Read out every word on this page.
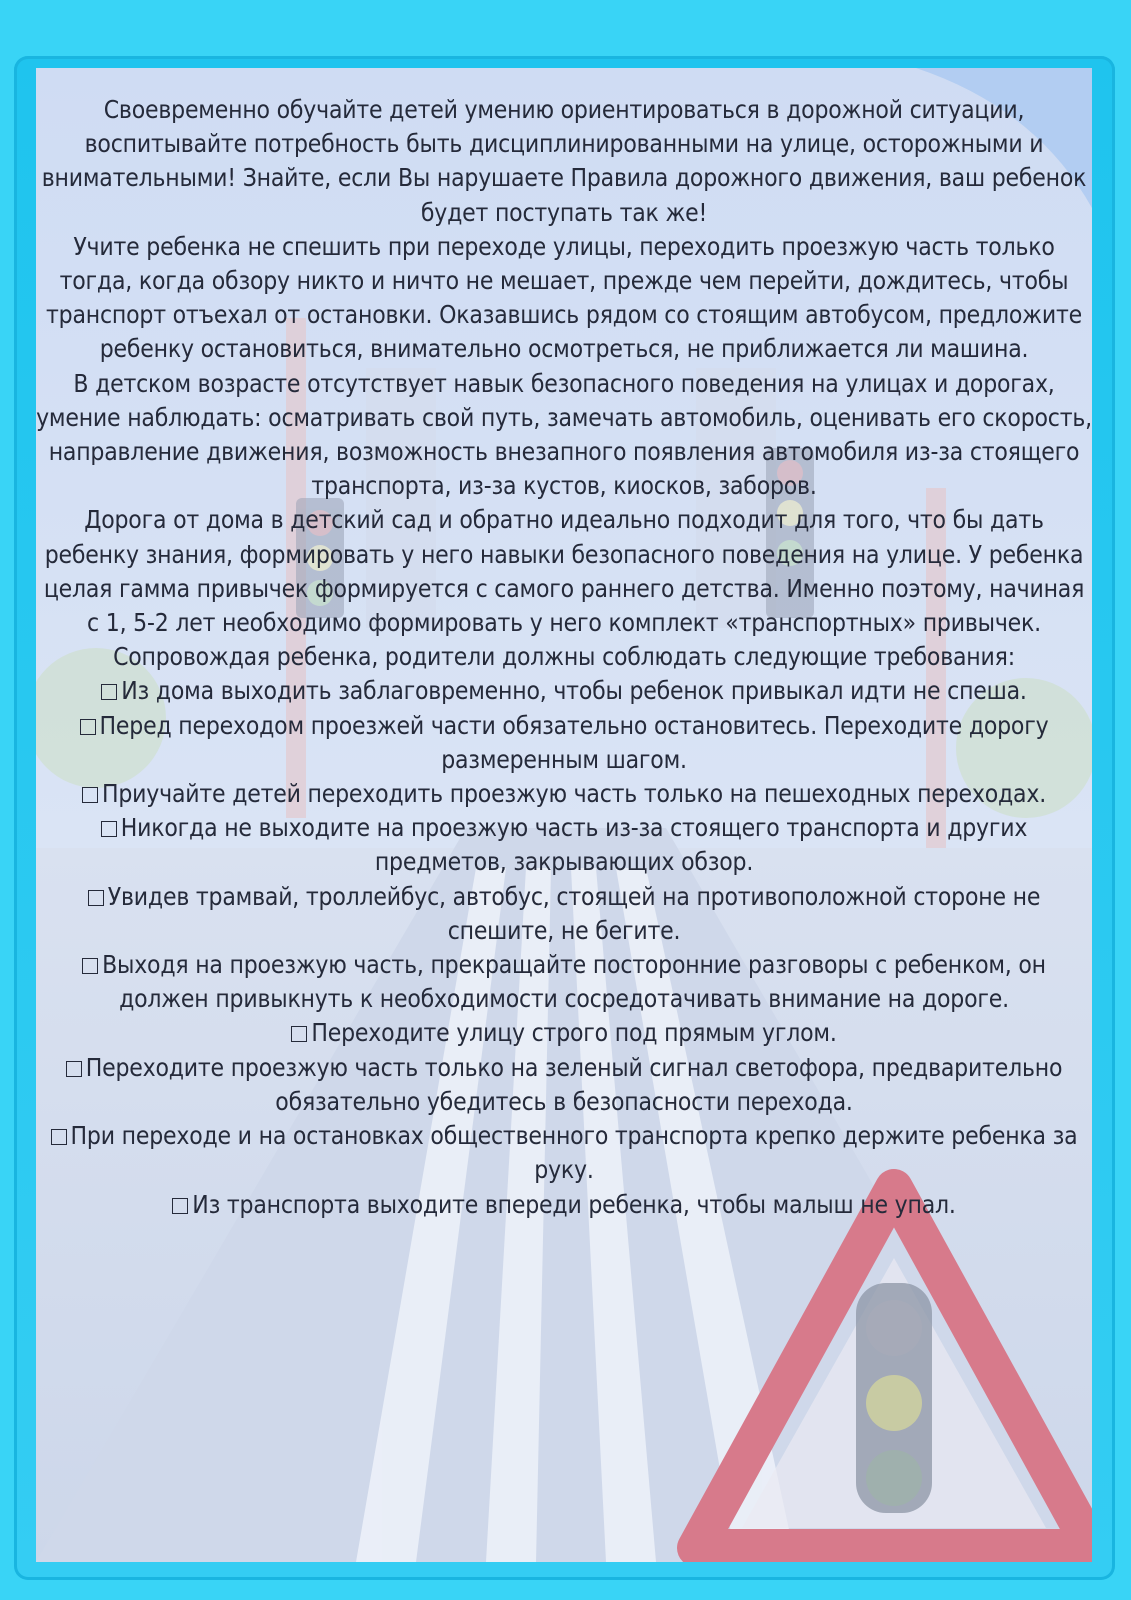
Своевременно обучайте детей умению ориентироваться в дорожной ситуации, воспитывайте потребность быть дисциплинированными на улице, осторожными и внимательными! Знайте, если Вы нарушаете Правила дорожного движения, ваш ребенок будет поступать так же!

Учите ребенка не спешить при переходе улицы, переходить проезжую часть только тогда, когда обзору никто и ничто не мешает, прежде чем перейти, дождитесь, чтобы транспорт отъехал от остановки. Оказавшись рядом со стоящим автобусом, предложите ребенку остановиться, внимательно осмотреться, не приближается ли машина.

В детском возрасте отсутствует навык безопасного поведения на улицах и дорогах, умение наблюдать: осматривать свой путь, замечать автомобиль, оценивать его скорость, направление движения, возможность внезапного появления автомобиля из-за стоящего транспорта, из-за кустов, киосков, заборов.

Дорога от дома в детский сад и обратно идеально подходит для того, что бы дать ребенку знания, формировать у него навыки безопасного поведения на улице. У ребенка целая гамма привычек формируется с самого раннего детства. Именно поэтому, начиная с 1, 5-2 лет необходимо формировать у него комплект «транспортных» привычек.

Сопровождая ребенка, родители должны соблюдать следующие требования:

Из дома выходить заблаговременно, чтобы ребенок привыкал идти не спеша.

Перед переходом проезжей части обязательно остановитесь. Переходите дорогу размеренным шагом.

Приучайте детей переходить проезжую часть только на пешеходных переходах.

Никогда не выходите на проезжую часть из-за стоящего транспорта и других предметов, закрывающих обзор.

Увидев трамвай, троллейбус, автобус, стоящей на противоположной стороне не спешите, не бегите.

Выходя на проезжую часть, прекращайте посторонние разговоры с ребенком, он должен привыкнуть к необходимости сосредотачивать внимание на дороге.

Переходите улицу строго под прямым углом.

Переходите проезжую часть только на зеленый сигнал светофора, предварительно обязательно убедитесь в безопасности перехода.

При переходе и на остановках общественного транспорта крепко держите ребенка за руку.

Из транспорта выходите впереди ребенка, чтобы малыш не упал.
